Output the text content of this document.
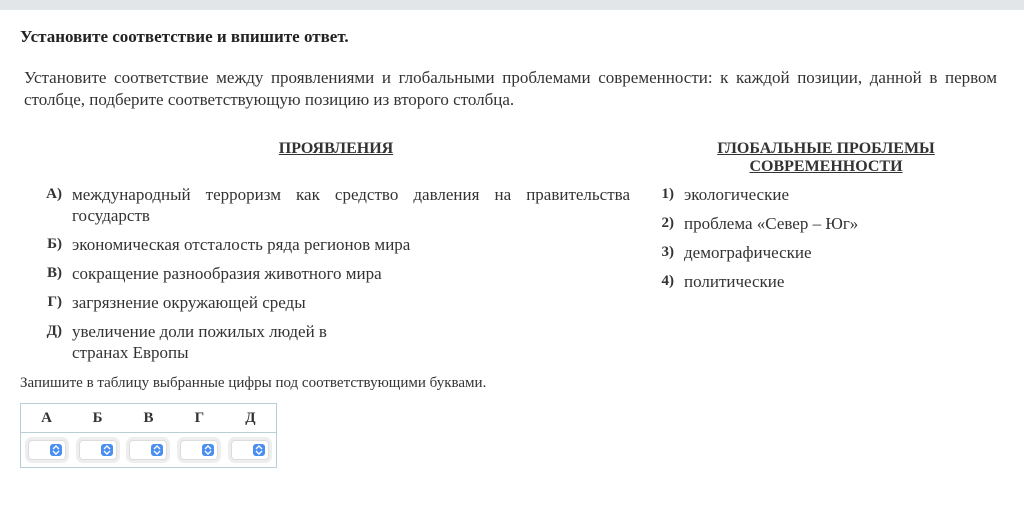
Установите соответствие и впишите ответ.
Установите соответствие между проявлениями и глобальными проблемами современности: к каждой позиции, данной в первом столбце, подберите соответствующую позицию из второго столбца.
ПРОЯВЛЕНИЯ	ГЛОБАЛЬНЫЕ ПРОБЛЕМЫ
СОВРЕМЕННОСТИ
А) международный терроризм как средство давления на правительства государств
Б) экономическая отсталость ряда регионов мира
В) сокращение разнообразия животного мира
Г) загрязнение окружающей среды
Д) увеличение доли пожилых людей в странах Европы
1) экологические
2) проблема «Север – Юг»
3) демографические
4) политические
Запишите в таблицу выбранные цифры под соответствующими буквами.
А	Б	В	Г	Д
